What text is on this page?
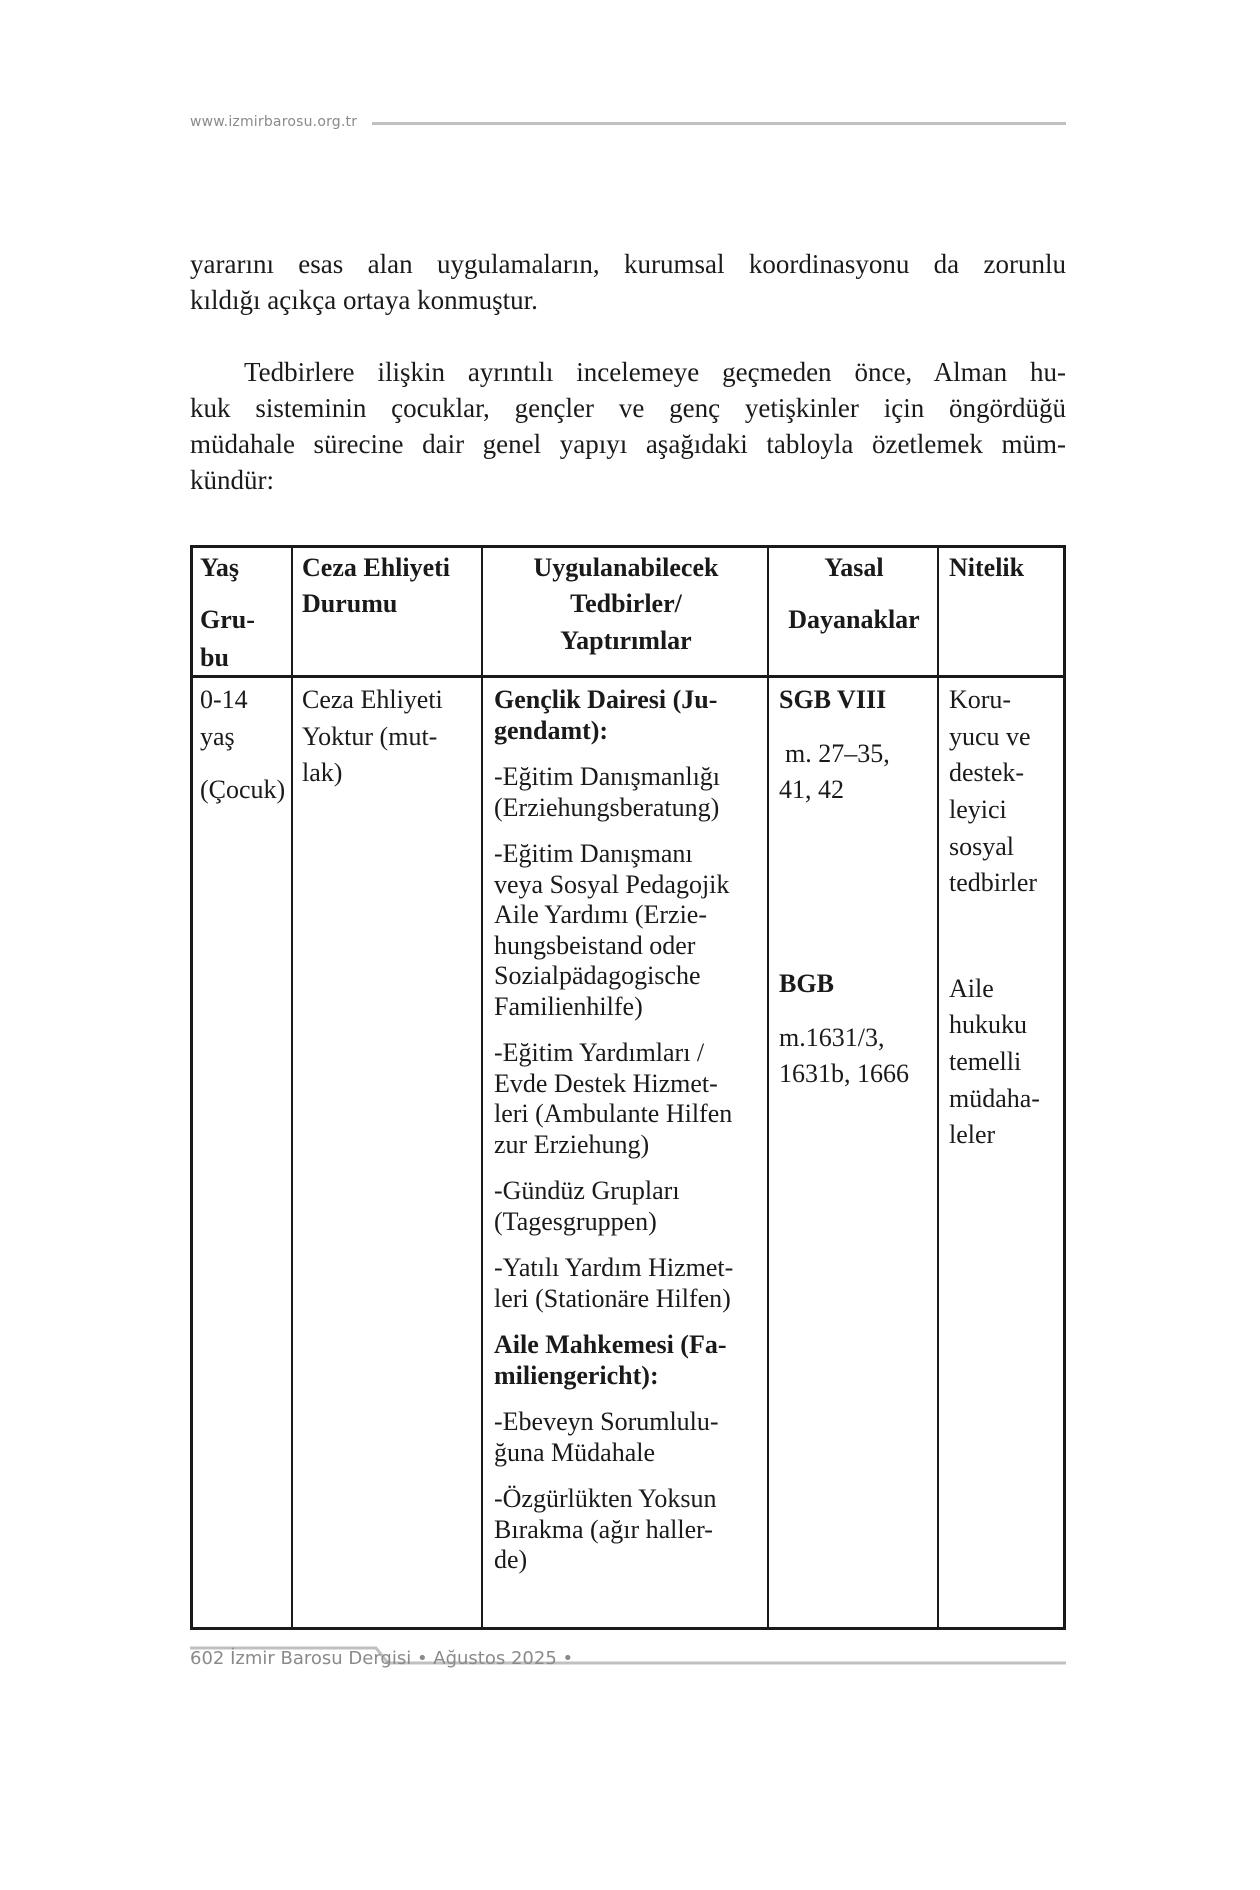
www.izmirbarosu.org.tr
yararını esas alan uygulamaların, kurumsal koordinasyonu da zorunlu
kıldığı açıkça ortaya konmuştur.
Tedbirlere ilişkin ayrıntılı incelemeye geçmeden önce, Alman hu-
kuk sisteminin çocuklar, gençler ve genç yetişkinler için öngördüğü
müdahale sürecine dair genel yapıyı aşağıdaki tabloyla özetlemek müm-
kündür:
Yaş
Gru-
bu
Ceza Ehliyeti
Durumu
Uygulanabilecek
Tedbirler/
Yaptırımlar
Yasal
Dayanaklar
Nitelik
0-14
yaş
(Çocuk)
Ceza Ehliyeti
Yoktur (mut-
lak)
Gençlik Dairesi (Ju-
gendamt):
-Eğitim Danışmanlığı
(Erziehungsberatung)
-Eğitim Danışmanı
veya Sosyal Pedagojik
Aile Yardımı (Erzie-
hungsbeistand oder
Sozialpädagogische
Familienhilfe)
-Eğitim Yardımları /
Evde Destek Hizmet-
leri (Ambulante Hilfen
zur Erziehung)
-Gündüz Grupları
(Tagesgruppen)
-Yatılı Yardım Hizmet-
leri (Stationäre Hilfen)
Aile Mahkemesi (Fa-
miliengericht):
-Ebeveyn Sorumlulu-
ğuna Müdahale
-Özgürlükten Yoksun
Bırakma (ağır haller-
de)
SGB VIII
m. 27–35,
41, 42
BGB
m.1631/3,
1631b, 1666
Koru-
yucu ve
destek-
leyici
sosyal
tedbirler
Aile
hukuku
temelli
müdaha-
leler
602 İzmir Barosu Dergisi • Ağustos 2025 •
